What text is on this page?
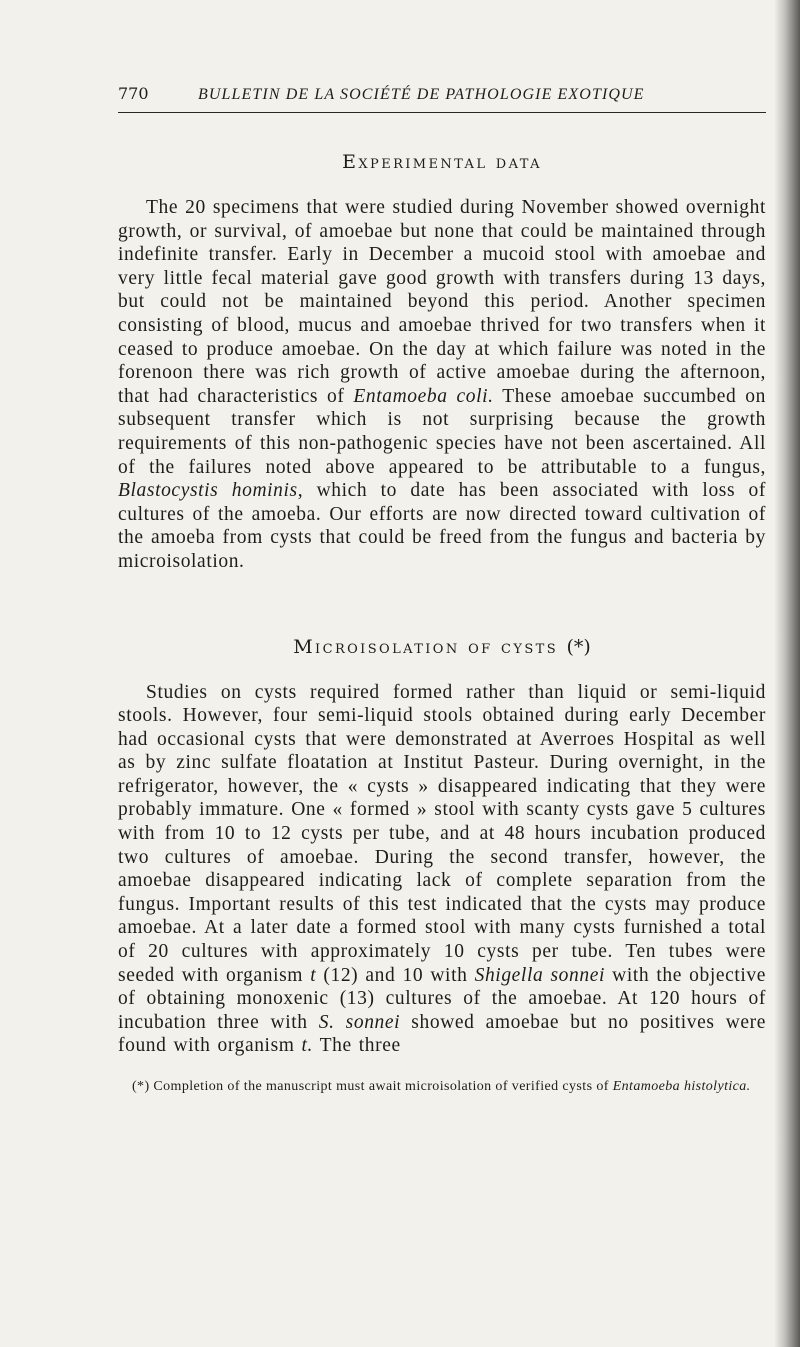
770	BULLETIN DE LA SOCIÉTÉ DE PATHOLOGIE EXOTIQUE
Experimental data

The 20 specimens that were studied during November showed overnight growth, or survival, of amoebae but none that could be maintained through indefinite transfer. Early in December a mucoid stool with amoebae and very little fecal material gave good growth with transfers during 13 days, but could not be maintained beyond this period. Another specimen consisting of blood, mucus and amoebae thrived for two transfers when it ceased to produce amoebae. On the day at which failure was noted in the forenoon there was rich growth of active amoebae during the afternoon, that had characteristics of Entamoeba coli. These amoebae succumbed on subsequent transfer which is not surprising because the growth requirements of this non-pathogenic species have not been ascertained. All of the failures noted above appeared to be attributable to a fungus, Blastocystis hominis, which to date has been associated with loss of cultures of the amoeba. Our efforts are now directed toward cultivation of the amoeba from cysts that could be freed from the fungus and bacteria by microisolation.

Microisolation of cysts (*)

Studies on cysts required formed rather than liquid or semi-liquid stools. However, four semi-liquid stools obtained during early December had occasional cysts that were demonstrated at Averroes Hospital as well as by zinc sulfate floatation at Institut Pasteur. During overnight, in the refrigerator, however, the « cysts » disappeared indicating that they were probably immature. One « formed » stool with scanty cysts gave 5 cultures with from 10 to 12 cysts per tube, and at 48 hours incubation produced two cultures of amoebae. During the second transfer, however, the amoebae disappeared indicating lack of complete separation from the fungus. Important results of this test indicated that the cysts may produce amoebae. At a later date a formed stool with many cysts furnished a total of 20 cultures with approximately 10 cysts per tube. Ten tubes were seeded with organism t (12) and 10 with Shigella sonnei with the objective of obtaining monoxenic (13) cultures of the amoebae. At 120 hours of incubation three with S. sonnei showed amoebae but no positives were found with organism t. The three

(*) Completion of the manuscript must await microisolation of verified cysts of Entamoeba histolytica.
